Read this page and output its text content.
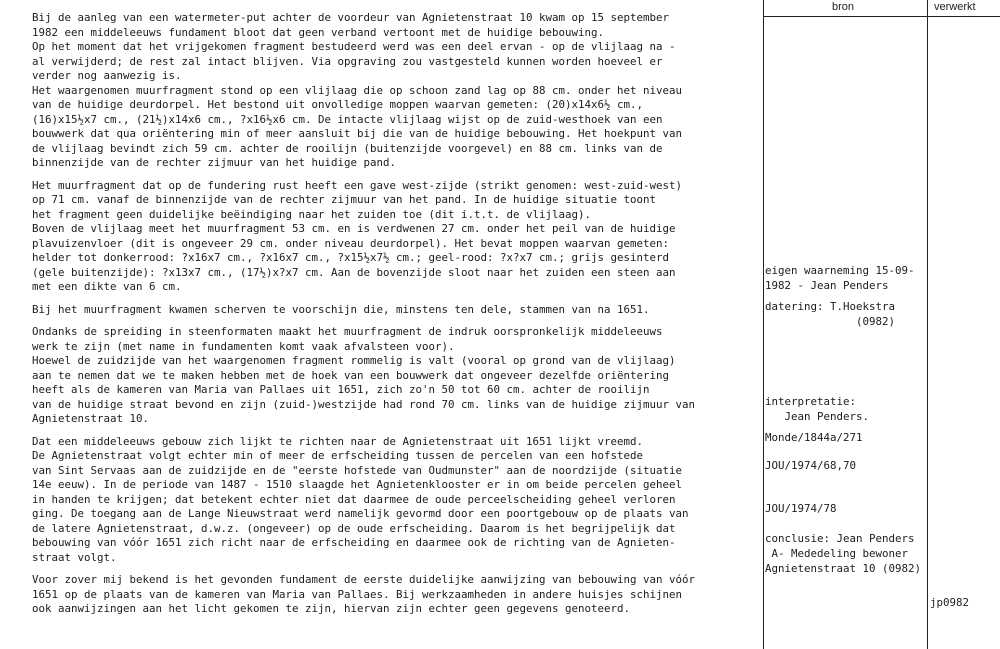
bron	verwerkt

Bij de aanleg van een watermeter-put achter de voordeur van Agnietenstraat 10 kwam op 15 september
1982 een middeleeuws fundament bloot dat geen verband vertoont met de huidige bebouwing.
Op het moment dat het vrijgekomen fragment bestudeerd werd was een deel ervan - op de vlijlaag na -
al verwijderd; de rest zal intact blijven. Via opgraving zou vastgesteld kunnen worden hoeveel er
verder nog aanwezig is.
Het waargenomen muurfragment stond op een vlijlaag die op schoon zand lag op 88 cm. onder het niveau
van de huidige deurdorpel. Het bestond uit onvolledige moppen waarvan gemeten: (20)x14x6½ cm.,
(16)x15½x7 cm., (21½)x14x6 cm., ?x16½x6 cm. De intacte vlijlaag wijst op de zuid-westhoek van een
bouwwerk dat qua oriëntering min of meer aansluit bij die van de huidige bebouwing. Het hoekpunt van
de vlijlaag bevindt zich 59 cm. achter de rooilijn (buitenzijde voorgevel) en 88 cm. links van de
binnenzijde van de rechter zijmuur van het huidige pand.

Het muurfragment dat op de fundering rust heeft een gave west-zijde (strikt genomen: west-zuid-west)
op 71 cm. vanaf de binnenzijde van de rechter zijmuur van het pand. In de huidige situatie toont
het fragment geen duidelijke beëindiging naar het zuiden toe (dit i.t.t. de vlijlaag).
Boven de vlijlaag meet het muurfragment 53 cm. en is verdwenen 27 cm. onder het peil van de huidige
plavuizenvloer (dit is ongeveer 29 cm. onder niveau deurdorpel). Het bevat moppen waarvan gemeten:
helder tot donkerrood: ?x16x7 cm., ?x16x7 cm., ?x15½x7½ cm.; geel-rood: ?x?x7 cm.; grijs gesinterd
(gele buitenzijde): ?x13x7 cm., (17½)x?x7 cm. Aan de bovenzijde sloot naar het zuiden een steen aan
met een dikte van 6 cm.

Bij het muurfragment kwamen scherven te voorschijn die, minstens ten dele, stammen van na 1651.

Ondanks de spreiding in steenformaten maakt het muurfragment de indruk oorspronkelijk middeleeuws
werk te zijn (met name in fundamenten komt vaak afvalsteen voor).
Hoewel de zuidzijde van het waargenomen fragment rommelig is valt (vooral op grond van de vlijlaag)
aan te nemen dat we te maken hebben met de hoek van een bouwwerk dat ongeveer dezelfde oriëntering
heeft als de kameren van Maria van Pallaes uit 1651, zich zo'n 50 tot 60 cm. achter de rooilijn
van de huidige straat bevond en zijn (zuid-)westzijde had rond 70 cm. links van de huidige zijmuur van
Agnietenstraat 10.

Dat een middeleeuws gebouw zich lijkt te richten naar de Agnietenstraat uit 1651 lijkt vreemd.
De Agnietenstraat volgt echter min of meer de erfscheiding tussen de percelen van een hofstede
van Sint Servaas aan de zuidzijde en de "eerste hofstede van Oudmunster" aan de noordzijde (situatie
14e eeuw). In de periode van 1487 - 1510 slaagde het Agnietenklooster er in om beide percelen geheel
in handen te krijgen; dat betekent echter niet dat daarmee de oude perceelscheiding geheel verloren
ging. De toegang aan de Lange Nieuwstraat werd namelijk gevormd door een poortgebouw op de plaats van
de latere Agnietenstraat, d.w.z. (ongeveer) op de oude erfscheiding. Daarom is het begrijpelijk dat
bebouwing van vóór 1651 zich richt naar de erfscheiding en daarmee ook de richting van de Agnieten-
straat volgt.

Voor zover mij bekend is het gevonden fundament de eerste duidelijke aanwijzing van bebouwing van vóór
1651 op de plaats van de kameren van Maria van Pallaes. Bij werkzaamheden in andere huisjes schijnen
ook aanwijzingen aan het licht gekomen te zijn, hiervan zijn echter geen gegevens genoteerd.

eigen waarneming 15-09-
1982 - Jean Penders
datering: T.Hoekstra
(0982)
interpretatie:
Jean Penders.
Monde/1844a/271
JOU/1974/68,70
JOU/1974/78
conclusie: Jean Penders
A- Mededeling bewoner
Agnietenstraat 10 (0982)
jp0982
